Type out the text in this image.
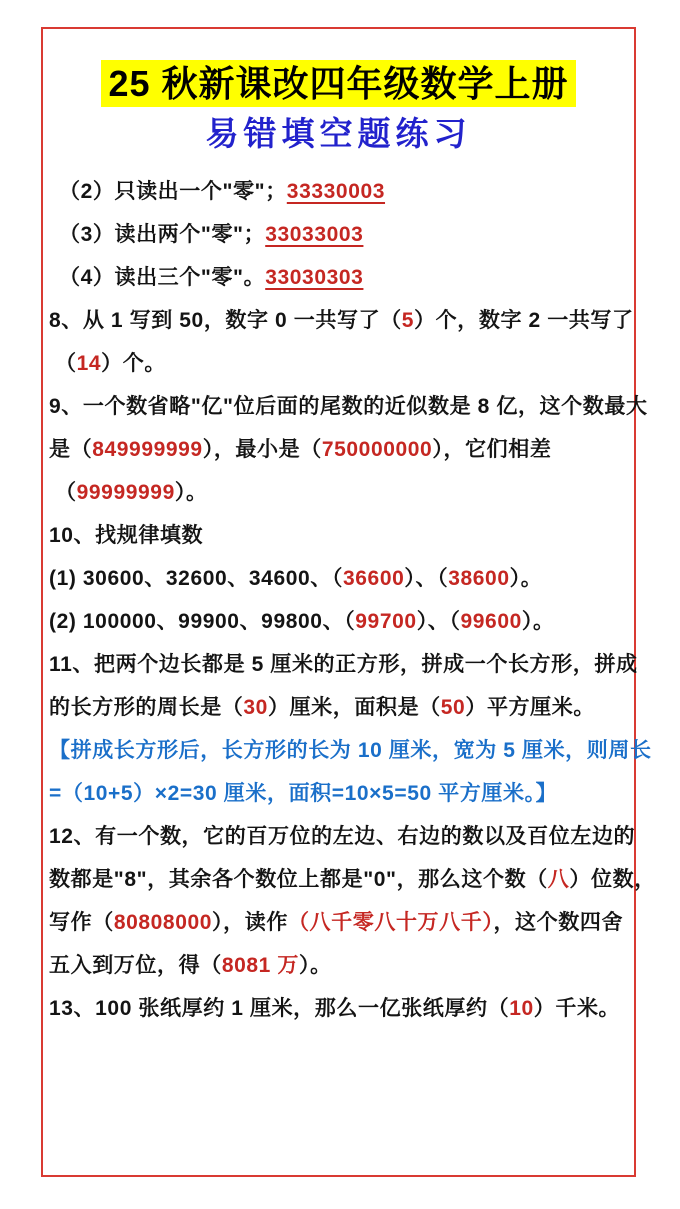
25 秋新课改四年级数学上册
易错填空题练习
（2）只读出一个"零"；33330003
（3）读出两个"零"；33033003
（4）读出三个"零"。33030303
8、从 1 写到 50，数字 0 一共写了（5）个，数字 2 一共写了
（14）个。
9、一个数省略"亿"位后面的尾数的近似数是 8 亿，这个数最大
是（849999999），最小是（750000000），它们相差
（99999999）。
10、找规律填数
(1) 30600、32600、34600、（36600）、（38600）。
(2) 100000、99900、99800、（99700）、（99600）。
11、把两个边长都是 5 厘米的正方形，拼成一个长方形，拼成
的长方形的周长是（30）厘米，面积是（50）平方厘米。
【拼成长方形后，长方形的长为 10 厘米，宽为 5 厘米，则周长
=（10+5）×2=30 厘米，面积=10×5=50 平方厘米。】
12、有一个数，它的百万位的左边、右边的数以及百位左边的
数都是"8"，其余各个数位上都是"0"，那么这个数（八）位数，
写作（80808000），读作（八千零八十万八千），这个数四舍
五入到万位，得（8081 万）。
13、100 张纸厚约 1 厘米，那么一亿张纸厚约（10）千米。
